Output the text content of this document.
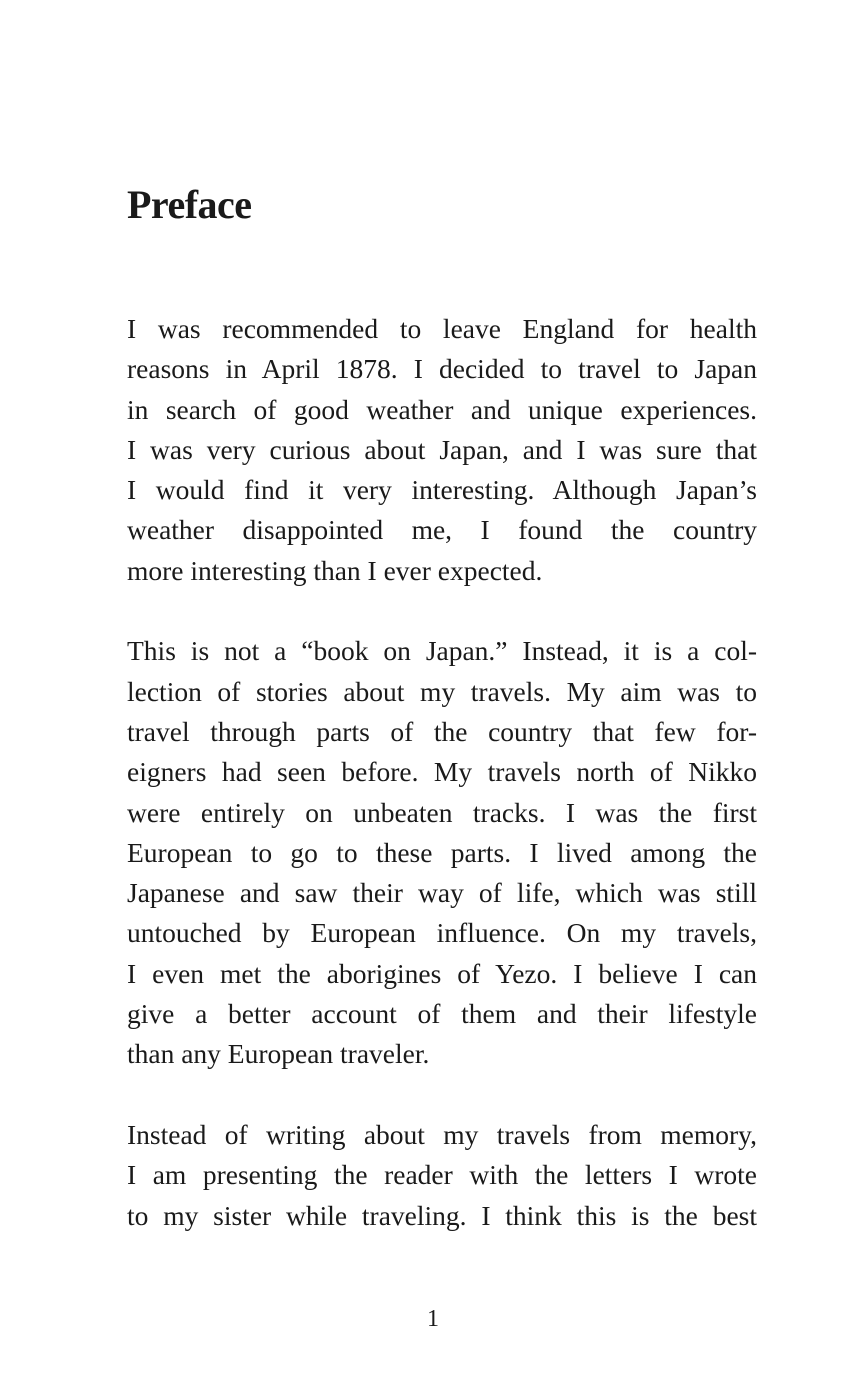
Preface

I was recommended to leave England for health
reasons in April 1878. I decided to travel to Japan
in search of good weather and unique experiences.
I was very curious about Japan, and I was sure that
I would find it very interesting. Although Japan’s
weather disappointed me, I found the country
more interesting than I ever expected.

This is not a “book on Japan.” Instead, it is a col-
lection of stories about my travels. My aim was to
travel through parts of the country that few for-
eigners had seen before. My travels north of Nikko
were entirely on unbeaten tracks. I was the first
European to go to these parts. I lived among the
Japanese and saw their way of life, which was still
untouched by European influence. On my travels,
I even met the aborigines of Yezo. I believe I can
give a better account of them and their lifestyle
than any European traveler.

Instead of writing about my travels from memory,
I am presenting the reader with the letters I wrote
to my sister while traveling. I think this is the best

1
